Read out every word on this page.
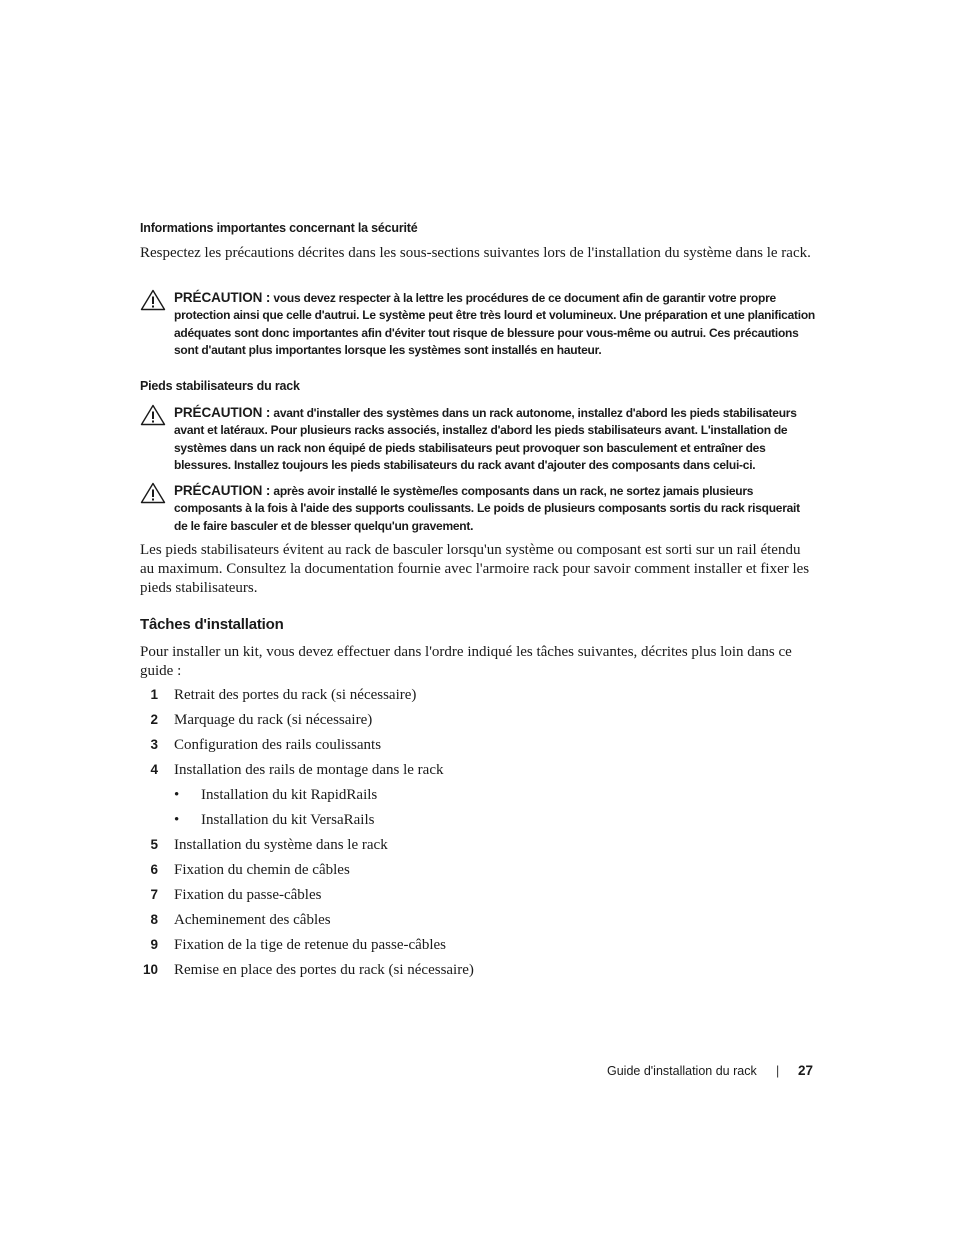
Informations importantes concernant la sécurité
Respectez les précautions décrites dans les sous-sections suivantes lors de l'installation du système dans le rack.
PRÉCAUTION : vous devez respecter à la lettre les procédures de ce document afin de garantir votre propre protection ainsi que celle d'autrui. Le système peut être très lourd et volumineux. Une préparation et une planification adéquates sont donc importantes afin d'éviter tout risque de blessure pour vous-même ou autrui. Ces précautions sont d'autant plus importantes lorsque les systèmes sont installés en hauteur.
Pieds stabilisateurs du rack
PRÉCAUTION : avant d'installer des systèmes dans un rack autonome, installez d'abord les pieds stabilisateurs avant et latéraux. Pour plusieurs racks associés, installez d'abord les pieds stabilisateurs avant. L'installation de systèmes dans un rack non équipé de pieds stabilisateurs peut provoquer son basculement et entraîner des blessures. Installez toujours les pieds stabilisateurs du rack avant d'ajouter des composants dans celui-ci.
PRÉCAUTION : après avoir installé le système/les composants dans un rack, ne sortez jamais plusieurs composants à la fois à l'aide des supports coulissants. Le poids de plusieurs composants sortis du rack risquerait de le faire basculer et de blesser quelqu'un gravement.
Les pieds stabilisateurs évitent au rack de basculer lorsqu'un système ou composant est sorti sur un rail étendu au maximum. Consultez la documentation fournie avec l'armoire rack pour savoir comment installer et fixer les pieds stabilisateurs.
Tâches d'installation
Pour installer un kit, vous devez effectuer dans l'ordre indiqué les tâches suivantes, décrites plus loin dans ce guide :
1 Retrait des portes du rack (si nécessaire)
2 Marquage du rack (si nécessaire)
3 Configuration des rails coulissants
4 Installation des rails de montage dans le rack
• Installation du kit RapidRails
• Installation du kit VersaRails
5 Installation du système dans le rack
6 Fixation du chemin de câbles
7 Fixation du passe-câbles
8 Acheminement des câbles
9 Fixation de la tige de retenue du passe-câbles
10 Remise en place des portes du rack (si nécessaire)
Guide d'installation du rack | 27
